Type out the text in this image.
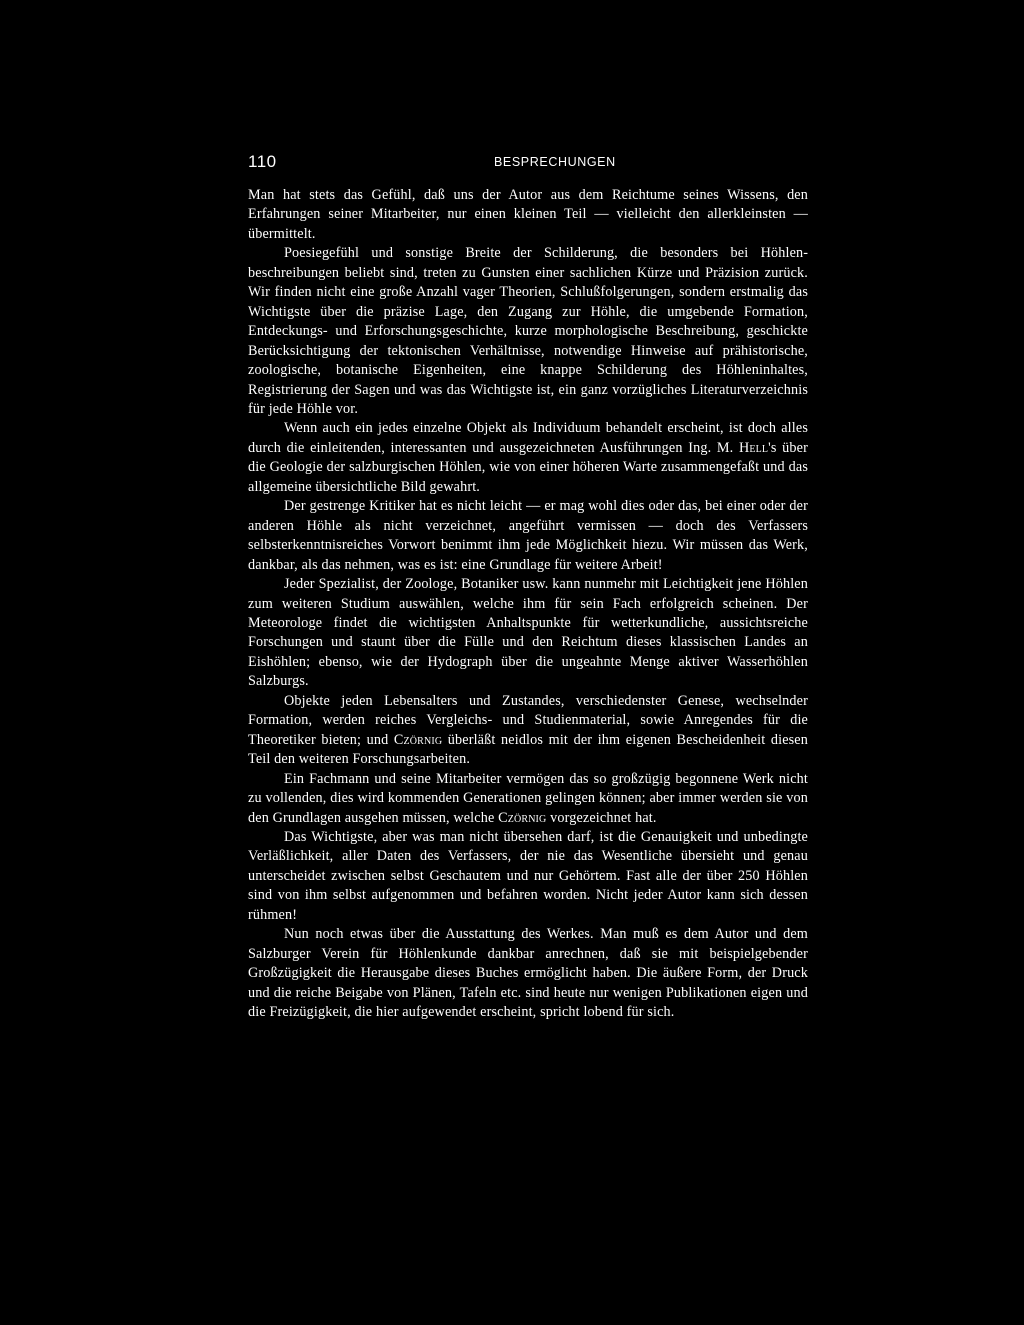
110	BESPRECHUNGEN

Man hat stets das Gefühl, daß uns der Autor aus dem Reichtume seines Wissens, den Erfahrungen seiner Mitarbeiter, nur einen kleinen Teil — vielleicht den allerkleinsten — übermittelt.

Poesiegefühl und sonstige Breite der Schilderung, die besonders bei Höhlenbeschreibungen beliebt sind, treten zu Gunsten einer sachlichen Kürze und Präzision zurück. Wir finden nicht eine große Anzahl vager Theorien, Schlußfolgerungen, sondern erstmalig das Wichtigste über die präzise Lage, den Zugang zur Höhle, die umgebende Formation, Entdeckungs- und Erforschungsgeschichte, kurze morphologische Beschreibung, geschickte Berücksichtigung der tektonischen Verhältnisse, notwendige Hinweise auf prähistorische, zoologische, botanische Eigenheiten, eine knappe Schilderung des Höhleninhaltes, Registrierung der Sagen und was das Wichtigste ist, ein ganz vorzügliches Literaturverzeichnis für jede Höhle vor.

Wenn auch ein jedes einzelne Objekt als Individuum behandelt erscheint, ist doch alles durch die einleitenden, interessanten und ausgezeichneten Ausführungen Ing. M. Hell's über die Geologie der salzburgischen Höhlen, wie von einer höheren Warte zusammengefaßt und das allgemeine übersichtliche Bild gewahrt.

Der gestrenge Kritiker hat es nicht leicht — er mag wohl dies oder das, bei einer oder der anderen Höhle als nicht verzeichnet, angeführt vermissen — doch des Verfassers selbsterkenntnisreiches Vorwort benimmt ihm jede Möglichkeit hiezu. Wir müssen das Werk, dankbar, als das nehmen, was es ist: eine Grundlage für weitere Arbeit!

Jeder Spezialist, der Zoologe, Botaniker usw. kann nunmehr mit Leichtigkeit jene Höhlen zum weiteren Studium auswählen, welche ihm für sein Fach erfolgreich scheinen. Der Meteorologe findet die wichtigsten Anhaltspunkte für wetterkundliche, aussichtsreiche Forschungen und staunt über die Fülle und den Reichtum dieses klassischen Landes an Eishöhlen; ebenso, wie der Hydograph über die ungeahnte Menge aktiver Wasserhöhlen Salzburgs.

Objekte jeden Lebensalters und Zustandes, verschiedenster Genese, wechselnder Formation, werden reiches Vergleichs- und Studienmaterial, sowie Anregendes für die Theoretiker bieten; und Czörnig überläßt neidlos mit der ihm eigenen Bescheidenheit diesen Teil den weiteren Forschungsarbeiten.

Ein Fachmann und seine Mitarbeiter vermögen das so großzügig begonnene Werk nicht zu vollenden, dies wird kommenden Generationen gelingen können; aber immer werden sie von den Grundlagen ausgehen müssen, welche Czörnig vorgezeichnet hat.

Das Wichtigste, aber was man nicht übersehen darf, ist die Genauigkeit und unbedingte Verläßlichkeit, aller Daten des Verfassers, der nie das Wesentliche übersieht und genau unterscheidet zwischen selbst Geschautem und nur Gehörtem. Fast alle der über 250 Höhlen sind von ihm selbst aufgenommen und befahren worden. Nicht jeder Autor kann sich dessen rühmen!

Nun noch etwas über die Ausstattung des Werkes. Man muß es dem Autor und dem Salzburger Verein für Höhlenkunde dankbar anrechnen, daß sie mit beispielgebender Großzügigkeit die Herausgabe dieses Buches ermöglicht haben. Die äußere Form, der Druck und die reiche Beigabe von Plänen, Tafeln etc. sind heute nur wenigen Publikationen eigen und die Freizügigkeit, die hier aufgewendet erscheint, spricht lobend für sich.
